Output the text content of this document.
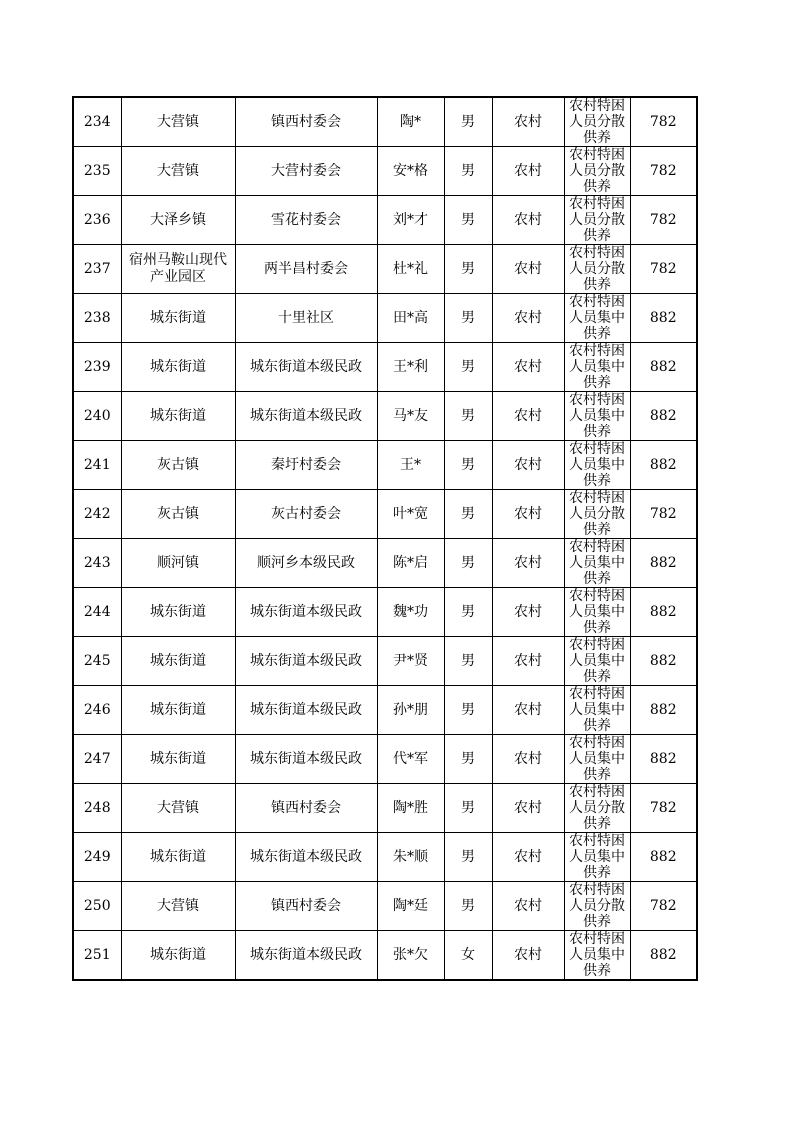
234	大营镇	镇西村委会	陶*	男	农村	农村特困人员分散供养	782
235	大营镇	大营村委会	安*格	男	农村	农村特困人员分散供养	782
236	大泽乡镇	雪花村委会	刘*才	男	农村	农村特困人员分散供养	782
237	宿州马鞍山现代产业园区	两半昌村委会	杜*礼	男	农村	农村特困人员分散供养	782
238	城东街道	十里社区	田*高	男	农村	农村特困人员集中供养	882
239	城东街道	城东街道本级民政	王*利	男	农村	农村特困人员集中供养	882
240	城东街道	城东街道本级民政	马*友	男	农村	农村特困人员集中供养	882
241	灰古镇	秦圩村委会	王*	男	农村	农村特困人员集中供养	882
242	灰古镇	灰古村委会	叶*宽	男	农村	农村特困人员分散供养	782
243	顺河镇	顺河乡本级民政	陈*启	男	农村	农村特困人员集中供养	882
244	城东街道	城东街道本级民政	魏*功	男	农村	农村特困人员集中供养	882
245	城东街道	城东街道本级民政	尹*贤	男	农村	农村特困人员集中供养	882
246	城东街道	城东街道本级民政	孙*朋	男	农村	农村特困人员集中供养	882
247	城东街道	城东街道本级民政	代*军	男	农村	农村特困人员集中供养	882
248	大营镇	镇西村委会	陶*胜	男	农村	农村特困人员分散供养	782
249	城东街道	城东街道本级民政	朱*顺	男	农村	农村特困人员集中供养	882
250	大营镇	镇西村委会	陶*廷	男	农村	农村特困人员分散供养	782
251	城东街道	城东街道本级民政	张*欠	女	农村	农村特困人员集中供养	882
